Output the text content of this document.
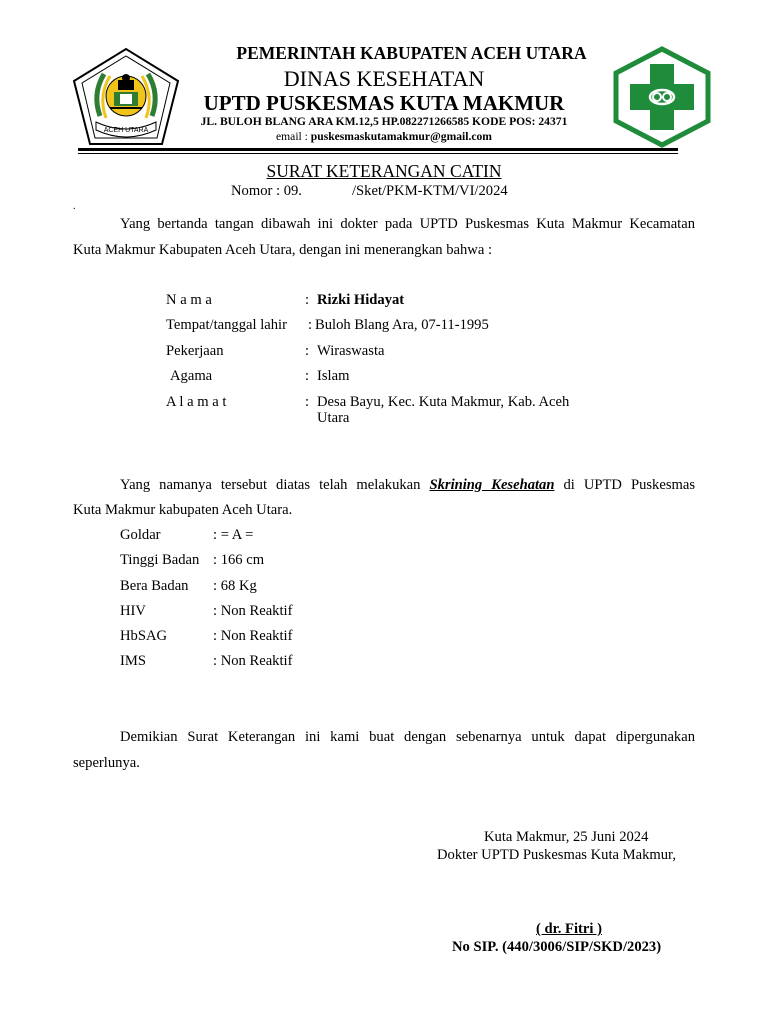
ACEH UTARA
PEMERINTAH KABUPATEN ACEH UTARA
DINAS KESEHATAN
UPTD PUSKESMAS KUTA MAKMUR
JL. BULOH BLANG ARA KM.12,5 HP.082271266585 KODE POS: 24371
email : puskesmaskutamakmur@gmail.com
SURAT KETERANGAN CATIN
Nomor : 09.	/Sket/PKM-KTM/VI/2024
.
Yang bertanda tangan dibawah ini dokter pada UPTD Puskesmas Kuta Makmur Kecamatan
Kuta Makmur Kabupaten Aceh Utara, dengan ini menerangkan bahwa :
N a m a	: Rizki Hidayat
Tempat/tanggal lahir : Buloh Blang Ara, 07-11-1995
Pekerjaan	: Wiraswasta
Agama	: Islam
A l a m a t	: Desa Bayu, Kec. Kuta Makmur, Kab. Aceh
Utara
Yang namanya tersebut diatas telah melakukan Skrining Kesehatan di UPTD Puskesmas
Kuta Makmur kabupaten Aceh Utara.
Goldar	: = A =
Tinggi Badan : 166 cm
Bera Badan : 68 Kg
HIV	: Non Reaktif
HbSAG	: Non Reaktif
IMS	: Non Reaktif
Demikian Surat Keterangan ini kami buat dengan sebenarnya untuk dapat dipergunakan
seperlunya.
Kuta Makmur, 25 Juni 2024
Dokter UPTD Puskesmas Kuta Makmur,
( dr. Fitri )
No SIP. (440/3006/SIP/SKD/2023)
